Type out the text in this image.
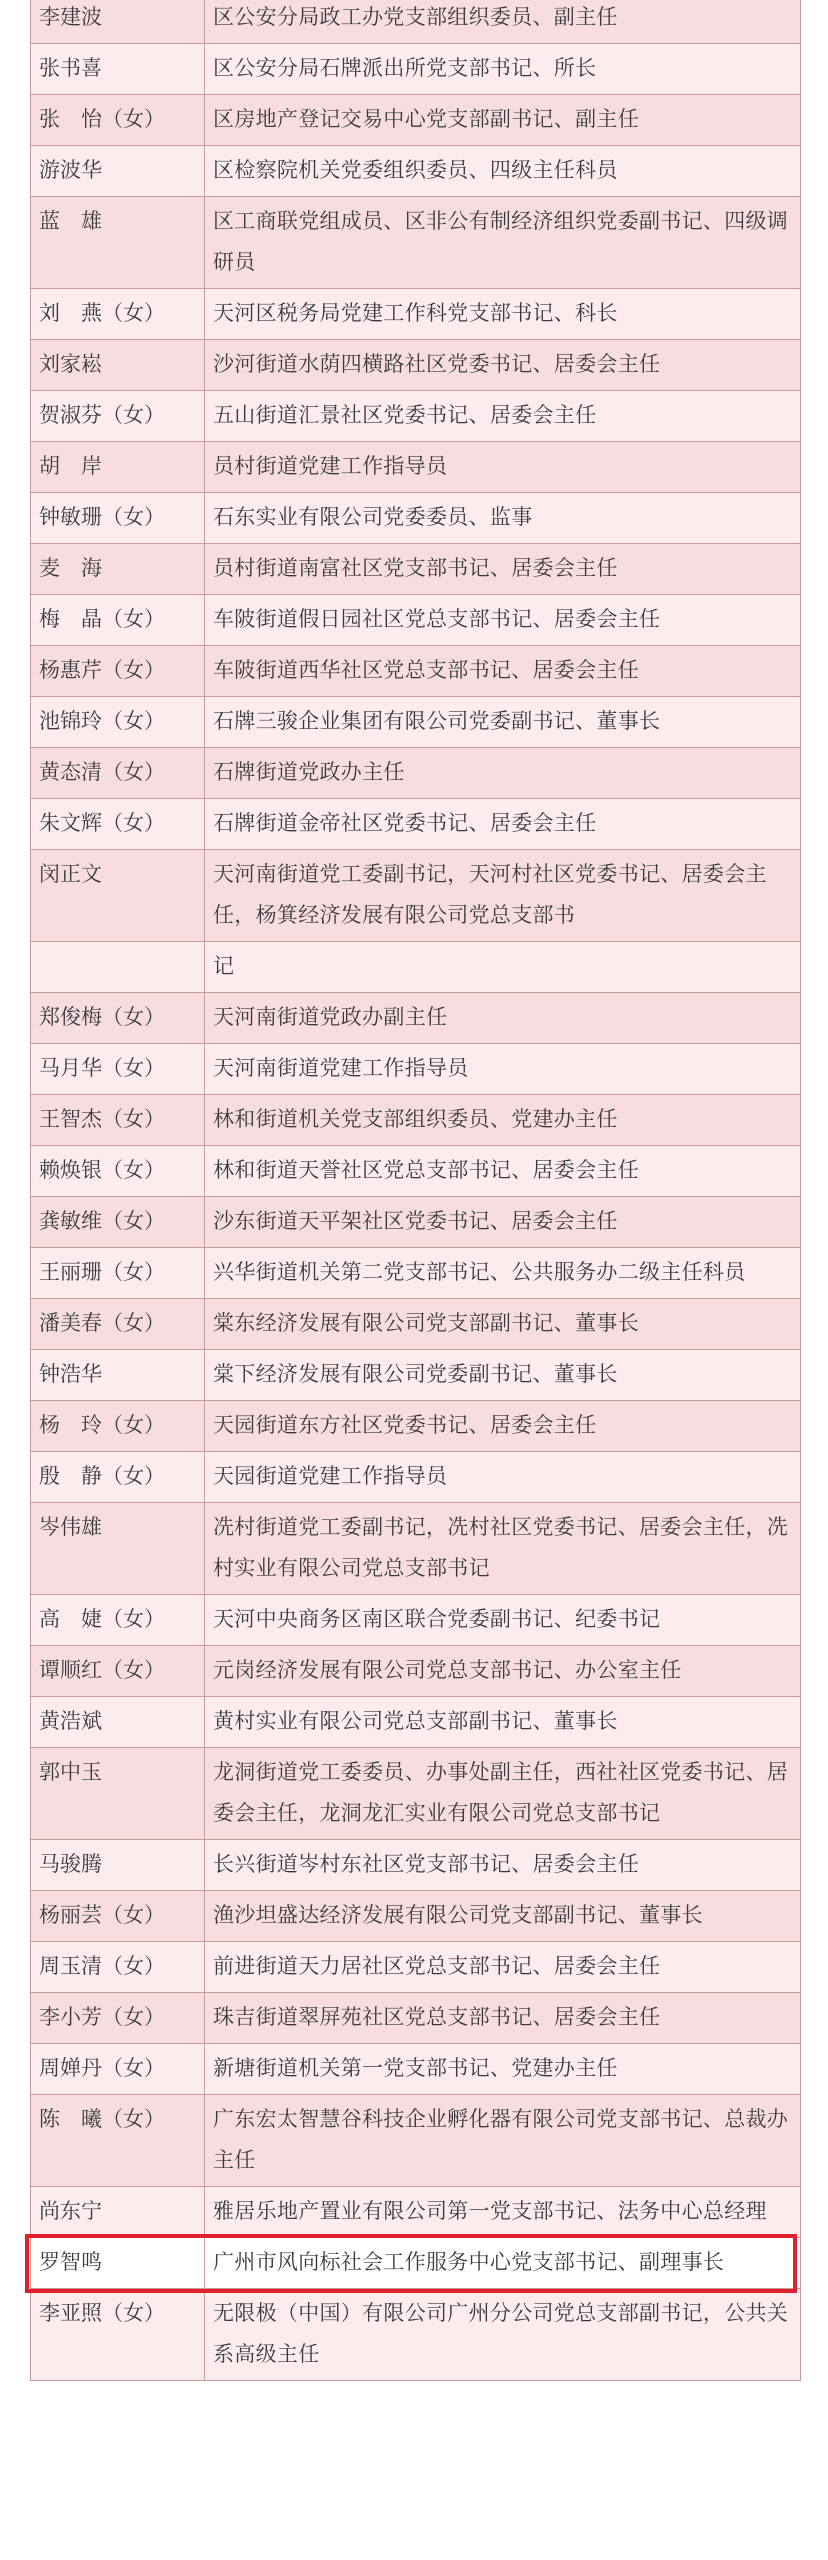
李建波	区公安分局政工办党支部组织委员、副主任
张书喜	区公安分局石牌派出所党支部书记、所长
张　怡（女）	区房地产登记交易中心党支部副书记、副主任
游波华	区检察院机关党委组织委员、四级主任科员
蓝　雄	区工商联党组成员、区非公有制经济组织党委副书记、四级调研员
刘　燕（女）	天河区税务局党建工作科党支部书记、科长
刘家崧	沙河街道水荫四横路社区党委书记、居委会主任
贺淑芬（女）	五山街道汇景社区党委书记、居委会主任
胡　岸	员村街道党建工作指导员
钟敏珊（女）	石东实业有限公司党委委员、监事
麦　海	员村街道南富社区党支部书记、居委会主任
梅　晶（女）	车陂街道假日园社区党总支部书记、居委会主任
杨惠芹（女）	车陂街道西华社区党总支部书记、居委会主任
池锦玲（女）	石牌三骏企业集团有限公司党委副书记、董事长
黄态清（女）	石牌街道党政办主任
朱文辉（女）	石牌街道金帝社区党委书记、居委会主任
闵正文	天河南街道党工委副书记，天河村社区党委书记、居委会主任，杨箕经济发展有限公司党总支部书
	记
郑俊梅（女）	天河南街道党政办副主任
马月华（女）	天河南街道党建工作指导员
王智杰（女）	林和街道机关党支部组织委员、党建办主任
赖焕银（女）	林和街道天誉社区党总支部书记、居委会主任
龚敏维（女）	沙东街道天平架社区党委书记、居委会主任
王丽珊（女）	兴华街道机关第二党支部书记、公共服务办二级主任科员
潘美春（女）	棠东经济发展有限公司党支部副书记、董事长
钟浩华	棠下经济发展有限公司党委副书记、董事长
杨　玲（女）	天园街道东方社区党委书记、居委会主任
殷　静（女）	天园街道党建工作指导员
岑伟雄	冼村街道党工委副书记，冼村社区党委书记、居委会主任，冼村实业有限公司党总支部书记
高　婕（女）	天河中央商务区南区联合党委副书记、纪委书记
谭顺红（女）	元岗经济发展有限公司党总支部书记、办公室主任
黄浩斌	黄村实业有限公司党总支部副书记、董事长
郭中玉	龙洞街道党工委委员、办事处副主任，西社社区党委书记、居委会主任，龙洞龙汇实业有限公司党总支部书记
马骏腾	长兴街道岑村东社区党支部书记、居委会主任
杨丽芸（女）	渔沙坦盛达经济发展有限公司党支部副书记、董事长
周玉清（女）	前进街道天力居社区党总支部书记、居委会主任
李小芳（女）	珠吉街道翠屏苑社区党总支部书记、居委会主任
周婵丹（女）	新塘街道机关第一党支部书记、党建办主任
陈　曦（女）	广东宏太智慧谷科技企业孵化器有限公司党支部书记、总裁办主任
尚东宁	雅居乐地产置业有限公司第一党支部书记、法务中心总经理
罗智鸣	广州市风向标社会工作服务中心党支部书记、副理事长
李亚照（女）	无限极（中国）有限公司广州分公司党总支部副书记，公共关系高级主任
